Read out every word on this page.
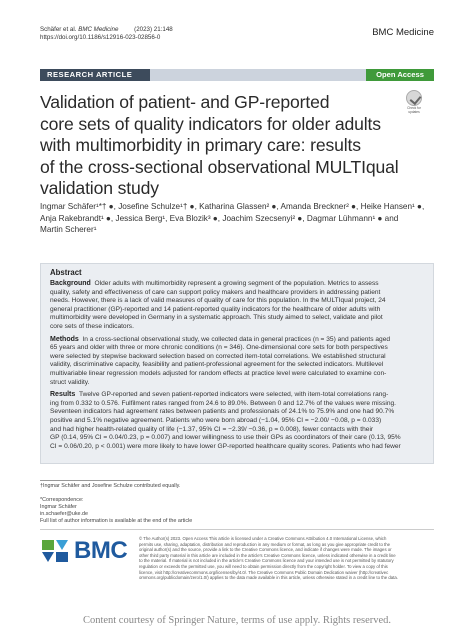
Schäfer et al. BMC Medicine	(2023) 21:148
https://doi.org/10.1186/s12916-023-02856-0	BMC Medicine
RESEARCH ARTICLE	Open Access
Check for updates
Validation of patient- and GP-reported
core sets of quality indicators for older adults
with multimorbidity in primary care: results
of the cross-sectional observational MULTIqual
validation study
Ingmar Schäfer¹*† ●, Josefine Schulze¹† ●, Katharina Glassen² ●, Amanda Breckner² ●, Heike Hansen¹ ●,
Anja Rakebrandt¹ ●, Jessica Berg¹, Eva Blozik³ ●, Joachim Szecsenyi² ●, Dagmar Lühmann¹ ● and
Martin Scherer¹
Abstract
Background Older adults with multimorbidity represent a growing segment of the population. Metrics to assess
quality, safety and effectiveness of care can support policy makers and healthcare providers in addressing patient
needs. However, there is a lack of valid measures of quality of care for this population. In the MULTIqual project, 24
general practitioner (GP)-reported and 14 patient-reported quality indicators for the healthcare of older adults with
multimorbidity were developed in Germany in a systematic approach. This study aimed to select, validate and pilot
core sets of these indicators.
Methods In a cross-sectional observational study, we collected data in general practices (n = 35) and patients aged
65 years and older with three or more chronic conditions (n = 346). One-dimensional core sets for both perspectives
were selected by stepwise backward selection based on corrected item-total correlations. We established structural
validity, discriminative capacity, feasibility and patient-professional agreement for the selected indicators. Multilevel
multivariable linear regression models adjusted for random effects at practice level were calculated to examine con-
struct validity.
Results Twelve GP-reported and seven patient-reported indicators were selected, with item-total correlations rang-
ing from 0.332 to 0.576. Fulfilment rates ranged from 24.6 to 89.0%. Between 0 and 12.7% of the values were missing.
Seventeen indicators had agreement rates between patients and professionals of 24.1% to 75.9% and one had 90.7%
positive and 5.1% negative agreement. Patients who were born abroad (−1.04, 95% CI = −2.00/ −0.08, p = 0.033)
and had higher health-related quality of life (−1.37, 95% CI = −2.39/ −0.36, p = 0.008), fewer contacts with their
GP (0.14, 95% CI = 0.04/0.23, p = 0.007) and lower willingness to use their GPs as coordinators of their care (0.13, 95%
CI = 0.06/0.20, p < 0.001) were more likely to have lower GP-reported healthcare quality scores. Patients who had fewer
†Ingmar Schäfer and Josefine Schulze contributed equally.

*Correspondence:
Ingmar Schäfer
in.schaefer@uke.de
Full list of author information is available at the end of the article
BMC	© The Author(s) 2023. Open Access This article is licensed under a Creative Commons Attribution 4.0 International License, which
permits use, sharing, adaptation, distribution and reproduction in any medium or format, as long as you give appropriate credit to the
original author(s) and the source, provide a link to the Creative Commons licence, and indicate if changes were made. The images or
other third party material in this article are included in the article's Creative Commons licence, unless indicated otherwise in a credit line
to the material. If material is not included in the article's Creative Commons licence and your intended use is not permitted by statutory
regulation or exceeds the permitted use, you will need to obtain permission directly from the copyright holder. To view a copy of this
licence, visit http://creativecommons.org/licenses/by/4.0/. The Creative Commons Public Domain Dedication waiver (http://creativec
ommons.org/publicdomain/zero/1.0/) applies to the data made available in this article, unless otherwise stated in a credit line to the data.
Content courtesy of Springer Nature, terms of use apply. Rights reserved.
